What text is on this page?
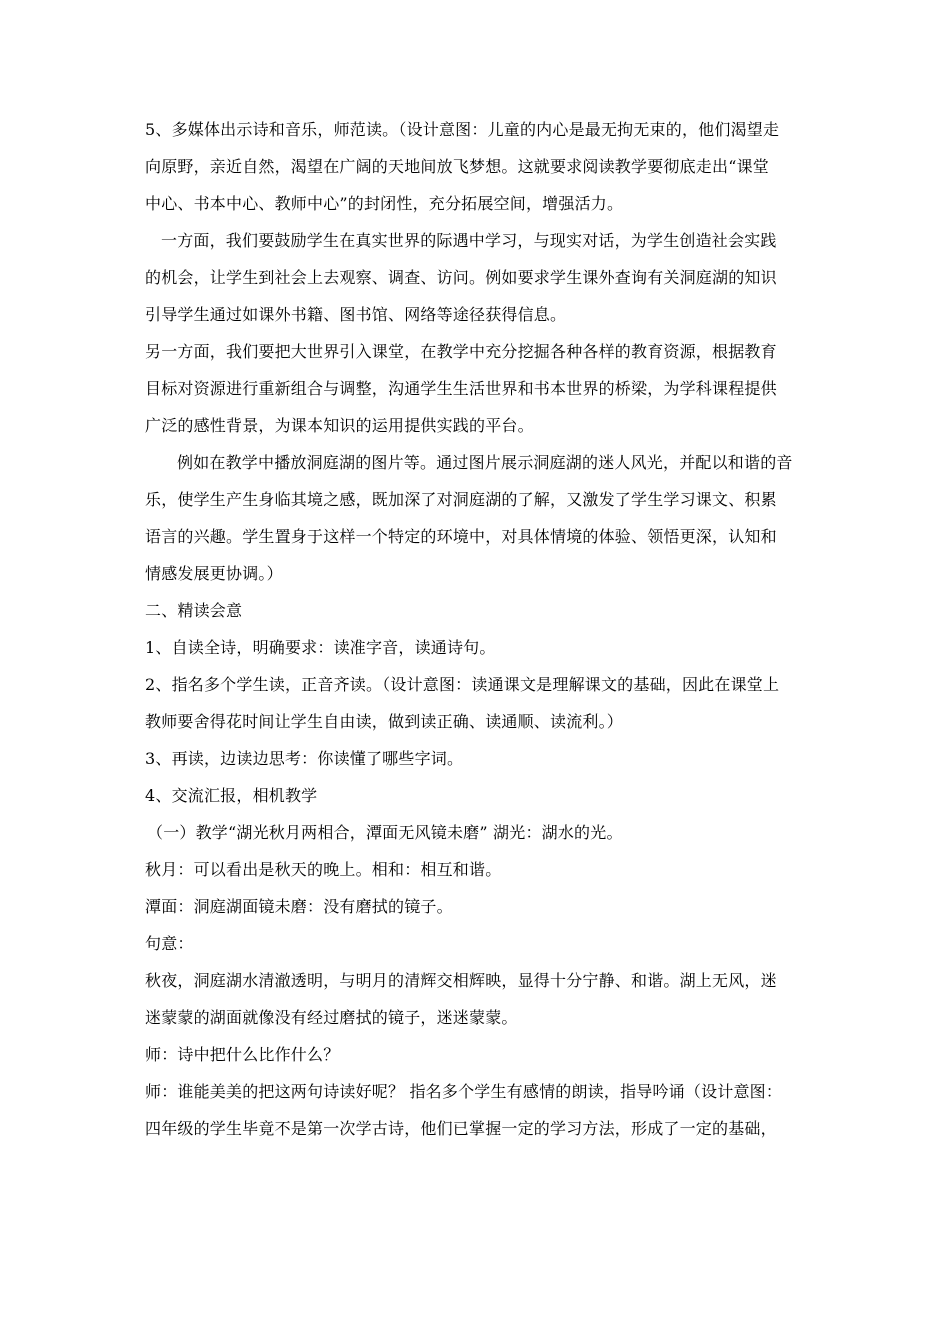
5、多媒体出示诗和音乐，师范读。（设计意图：儿童的内心是最无拘无束的，他们渴望走
向原野，亲近自然，渴望在广阔的天地间放飞梦想。这就要求阅读教学要彻底走出“课堂
中心、书本中心、教师中心”的封闭性，充分拓展空间，增强活力。
一方面，我们要鼓励学生在真实世界的际遇中学习，与现实对话，为学生创造社会实践
的机会，让学生到社会上去观察、调查、访问。例如要求学生课外查询有关洞庭湖的知识
引导学生通过如课外书籍、图书馆、网络等途径获得信息。
另一方面，我们要把大世界引入课堂，在教学中充分挖掘各种各样的教育资源，根据教育
目标对资源进行重新组合与调整，沟通学生生活世界和书本世界的桥梁，为学科课程提供
广泛的感性背景，为课本知识的运用提供实践的平台。
例如在教学中播放洞庭湖的图片等。通过图片展示洞庭湖的迷人风光，并配以和谐的音
乐，使学生产生身临其境之感，既加深了对洞庭湖的了解，又激发了学生学习课文、积累
语言的兴趣。学生置身于这样一个特定的环境中，对具体情境的体验、领悟更深，认知和
情感发展更协调。）
二、精读会意
1、自读全诗，明确要求：读准字音，读通诗句。
2、指名多个学生读，正音齐读。（设计意图：读通课文是理解课文的基础，因此在课堂上
教师要舍得花时间让学生自由读，做到读正确、读通顺、读流利。）
3、再读，边读边思考：你读懂了哪些字词。
4、交流汇报，相机教学
（一）教学“湖光秋月两相合，潭面无风镜未磨” 湖光：湖水的光。
秋月：可以看出是秋天的晚上。相和：相互和谐。
潭面：洞庭湖面镜未磨：没有磨拭的镜子。
句意：
秋夜，洞庭湖水清澈透明，与明月的清辉交相辉映，显得十分宁静、和谐。湖上无风，迷
迷蒙蒙的湖面就像没有经过磨拭的镜子，迷迷蒙蒙。
师：诗中把什么比作什么？
师：谁能美美的把这两句诗读好呢？ 指名多个学生有感情的朗读，指导吟诵（设计意图：
四年级的学生毕竟不是第一次学古诗，他们已掌握一定的学习方法，形成了一定的基础，
